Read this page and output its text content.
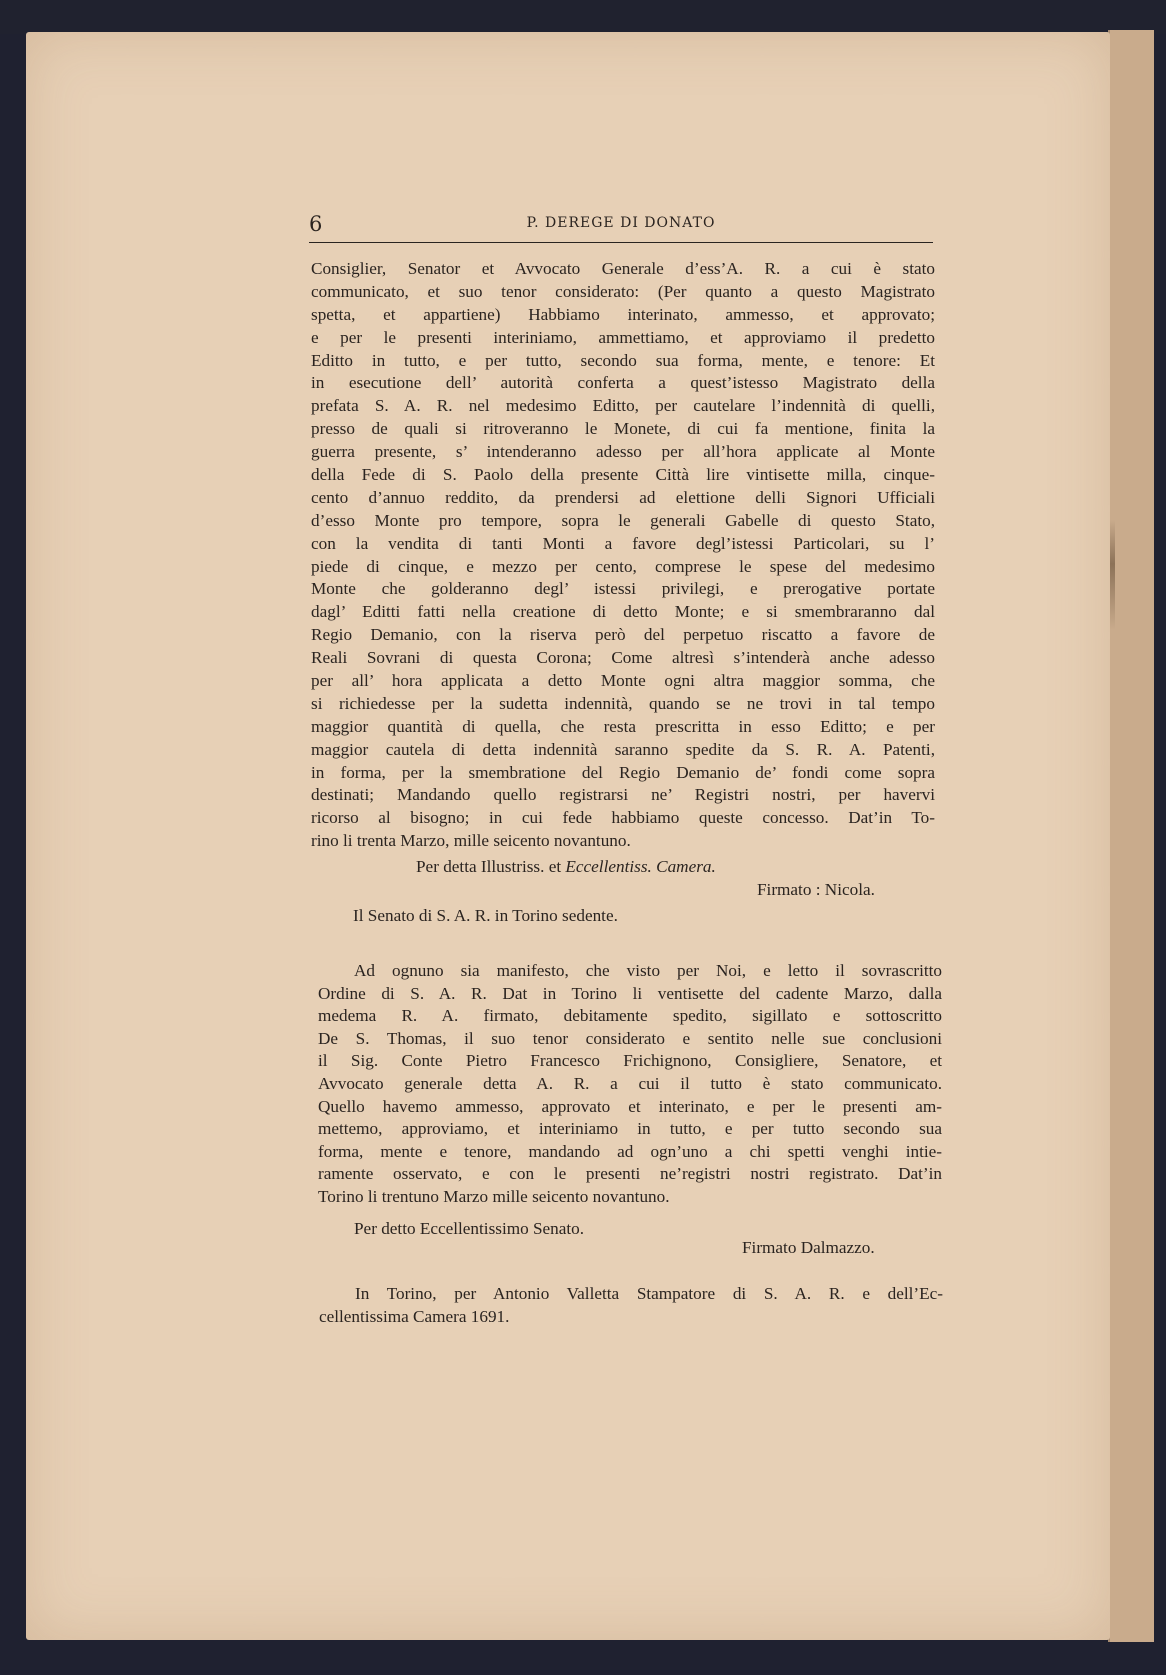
6	P. DEREGE DI DONATO
Consiglier, Senator et Avvocato Generale d’ess’A. R. a cui è stato
communicato, et suo tenor considerato: (Per quanto a questo Magistrato
spetta, et appartiene) Habbiamo interinato, ammesso, et approvato;
e per le presenti interiniamo, ammettiamo, et approviamo il predetto
Editto in tutto, e per tutto, secondo sua forma, mente, e tenore: Et
in esecutione dell’ autorità conferta a quest’istesso Magistrato della
prefata S. A. R. nel medesimo Editto, per cautelare l’indennità di quelli,
presso de quali si ritroveranno le Monete, di cui fa mentione, finita la
guerra presente, s’ intenderanno adesso per all’hora applicate al Monte
della Fede di S. Paolo della presente Città lire vintisette milla, cinque-
cento d’annuo reddito, da prendersi ad elettione delli Signori Ufficiali
d’esso Monte pro tempore, sopra le generali Gabelle di questo Stato,
con la vendita di tanti Monti a favore degl’istessi Particolari, su l’
piede di cinque, e mezzo per cento, comprese le spese del medesimo
Monte che golderanno degl’ istessi privilegi, e prerogative portate
dagl’ Editti fatti nella creatione di detto Monte; e si smembraranno dal
Regio Demanio, con la riserva però del perpetuo riscatto a favore de
Reali Sovrani di questa Corona; Come altresì s’intenderà anche adesso
per all’ hora applicata a detto Monte ogni altra maggior somma, che
si richiedesse per la sudetta indennità, quando se ne trovi in tal tempo
maggior quantità di quella, che resta prescritta in esso Editto; e per
maggior cautela di detta indennità saranno spedite da S. R. A. Patenti,
in forma, per la smembratione del Regio Demanio de’ fondi come sopra
destinati; Mandando quello registrarsi ne’ Registri nostri, per havervi
ricorso al bisogno; in cui fede habbiamo queste concesso. Dat’in To-
rino li trenta Marzo, mille seicento novantuno.
Per detta Illustriss. et Eccellentiss. Camera.
Firmato : Nicola.
Il Senato di S. A. R. in Torino sedente.
Ad ognuno sia manifesto, che visto per Noi, e letto il sovrascritto
Ordine di S. A. R. Dat in Torino li ventisette del cadente Marzo, dalla
medema R. A. firmato, debitamente spedito, sigillato e sottoscritto
De S. Thomas, il suo tenor considerato e sentito nelle sue conclusioni
il Sig. Conte Pietro Francesco Frichignono, Consigliere, Senatore, et
Avvocato generale detta A. R. a cui il tutto è stato communicato.
Quello havemo ammesso, approvato et interinato, e per le presenti am-
mettemo, approviamo, et interiniamo in tutto, e per tutto secondo sua
forma, mente e tenore, mandando ad ogn’uno a chi spetti venghi intie-
ramente osservato, e con le presenti ne’registri nostri registrato. Dat’in
Torino li trentuno Marzo mille seicento novantuno.
Per detto Eccellentissimo Senato.
Firmato Dalmazzo.
In Torino, per Antonio Valletta Stampatore di S. A. R. e dell’Ec-
cellentissima Camera 1691.
